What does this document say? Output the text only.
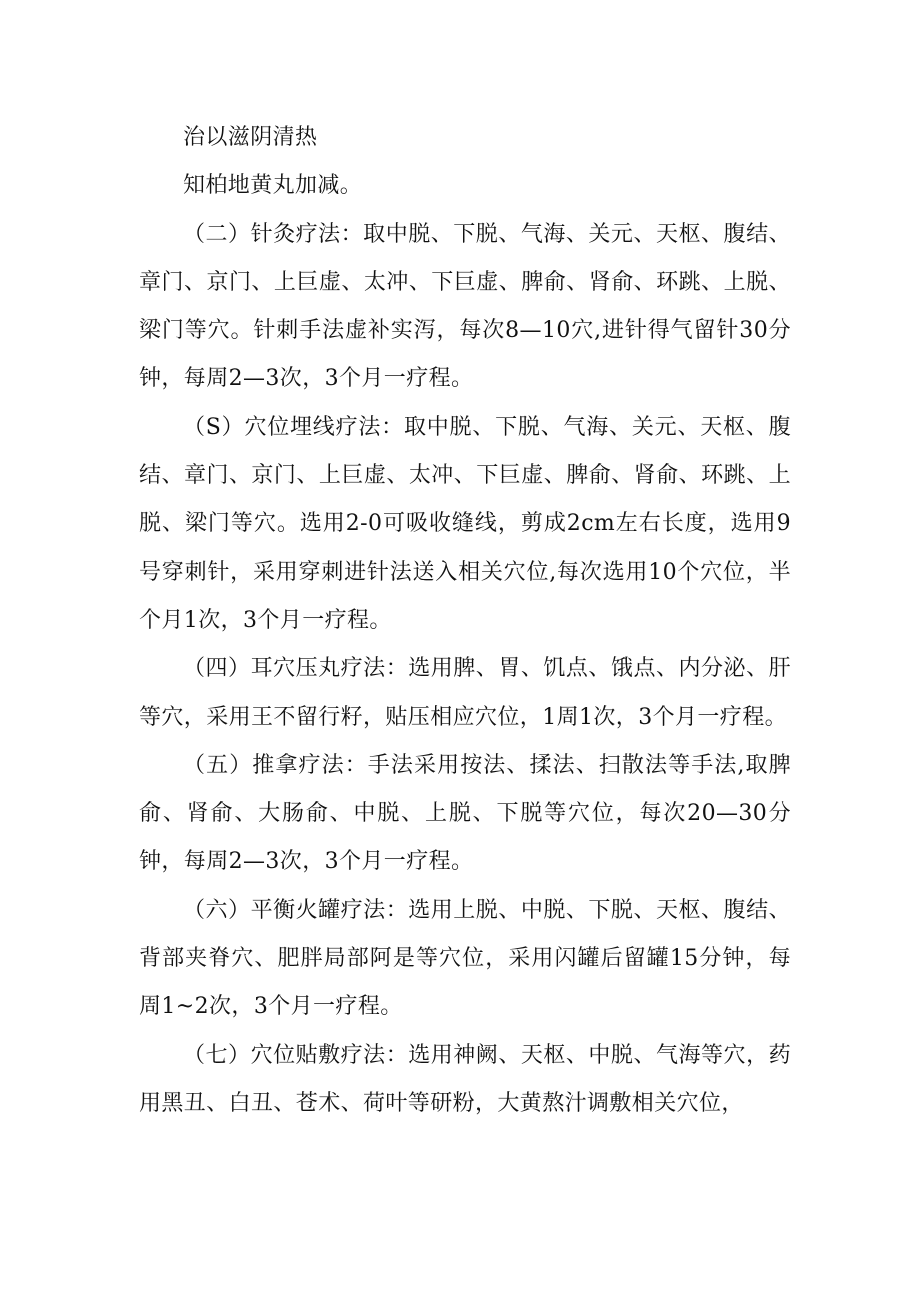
治以滋阴清热

知柏地黄丸加减。

（二）针灸疗法：取中脱、下脱、气海、关元、天枢、腹结、章门、京门、上巨虚、太冲、下巨虚、脾俞、肾俞、环跳、上脱、梁门等穴。针刺手法虚补实泻，每次8—10穴,进针得气留针30分钟，每周2—3次，3个月一疗程。

（S）穴位埋线疗法：取中脱、下脱、气海、关元、天枢、腹结、章门、京门、上巨虚、太冲、下巨虚、脾俞、肾俞、环跳、上脱、梁门等穴。选用2-0可吸收缝线，剪成2cm左右长度，选用9号穿刺针，采用穿刺进针法送入相关穴位,每次选用10个穴位，半个月1次，3个月一疗程。

（四）耳穴压丸疗法：选用脾、胃、饥点、饿点、内分泌、肝等穴，采用王不留行籽，贴压相应穴位，1周1次，3个月一疗程。

（五）推拿疗法：手法采用按法、揉法、扫散法等手法,取脾俞、肾俞、大肠俞、中脱、上脱、下脱等穴位，每次20—30分钟，每周2—3次，3个月一疗程。

（六）平衡火罐疗法：选用上脱、中脱、下脱、天枢、腹结、背部夹脊穴、肥胖局部阿是等穴位，采用闪罐后留罐15分钟，每周1~2次，3个月一疗程。

（七）穴位贴敷疗法：选用神阙、天枢、中脱、气海等穴，药用黑丑、白丑、苍术、荷叶等研粉，大黄熬汁调敷相关穴位，
